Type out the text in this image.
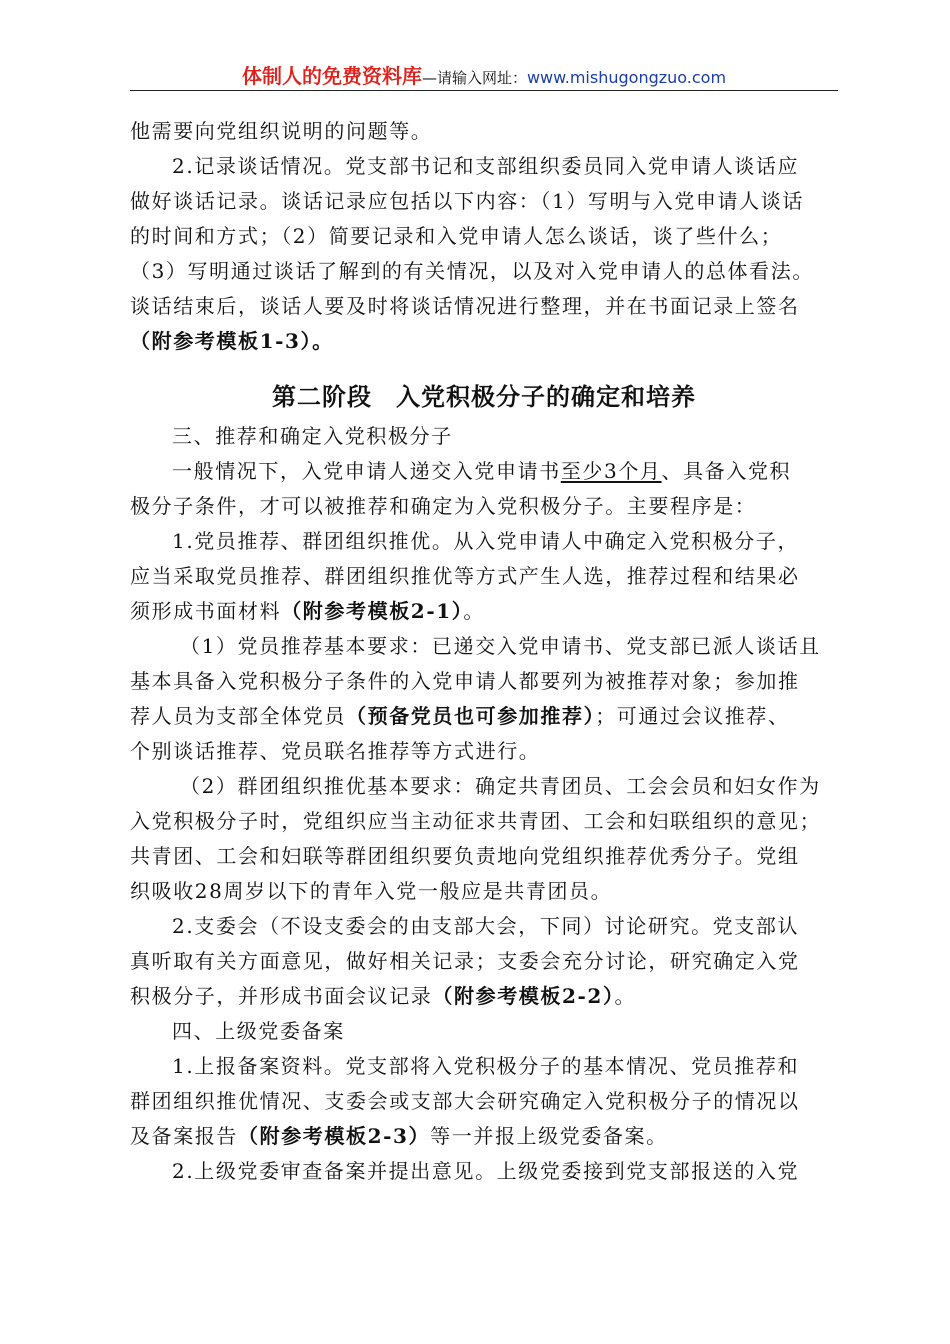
体制人的免费资料库—请输入网址：www.mishugongzuo.com

他需要向党组织说明的问题等。

2.记录谈话情况。党支部书记和支部组织委员同入党申请人谈话应

做好谈话记录。谈话记录应包括以下内容：（1）写明与入党申请人谈话

的时间和方式；（2）简要记录和入党申请人怎么谈话，谈了些什么；

（3）写明通过谈话了解到的有关情况，以及对入党申请人的总体看法。

谈话结束后，谈话人要及时将谈话情况进行整理，并在书面记录上签名

（附参考模板1-3）。

第二阶段 入党积极分子的确定和培养

三、推荐和确定入党积极分子

一般情况下，入党申请人递交入党申请书至少3个月、具备入党积

极分子条件，才可以被推荐和确定为入党积极分子。主要程序是：

1.党员推荐、群团组织推优。从入党申请人中确定入党积极分子，

应当采取党员推荐、群团组织推优等方式产生人选，推荐过程和结果必

须形成书面材料（附参考模板2-1）。

（1）党员推荐基本要求：已递交入党申请书、党支部已派人谈话且

基本具备入党积极分子条件的入党申请人都要列为被推荐对象；参加推

荐人员为支部全体党员（预备党员也可参加推荐）；可通过会议推荐、

个别谈话推荐、党员联名推荐等方式进行。

（2）群团组织推优基本要求：确定共青团员、工会会员和妇女作为

入党积极分子时，党组织应当主动征求共青团、工会和妇联组织的意见；

共青团、工会和妇联等群团组织要负责地向党组织推荐优秀分子。党组

织吸收28周岁以下的青年入党一般应是共青团员。

2.支委会（不设支委会的由支部大会，下同）讨论研究。党支部认

真听取有关方面意见，做好相关记录；支委会充分讨论，研究确定入党

积极分子，并形成书面会议记录（附参考模板2-2）。

四、上级党委备案

1.上报备案资料。党支部将入党积极分子的基本情况、党员推荐和

群团组织推优情况、支委会或支部大会研究确定入党积极分子的情况以

及备案报告（附参考模板2-3）等一并报上级党委备案。

2.上级党委审查备案并提出意见。上级党委接到党支部报送的入党
